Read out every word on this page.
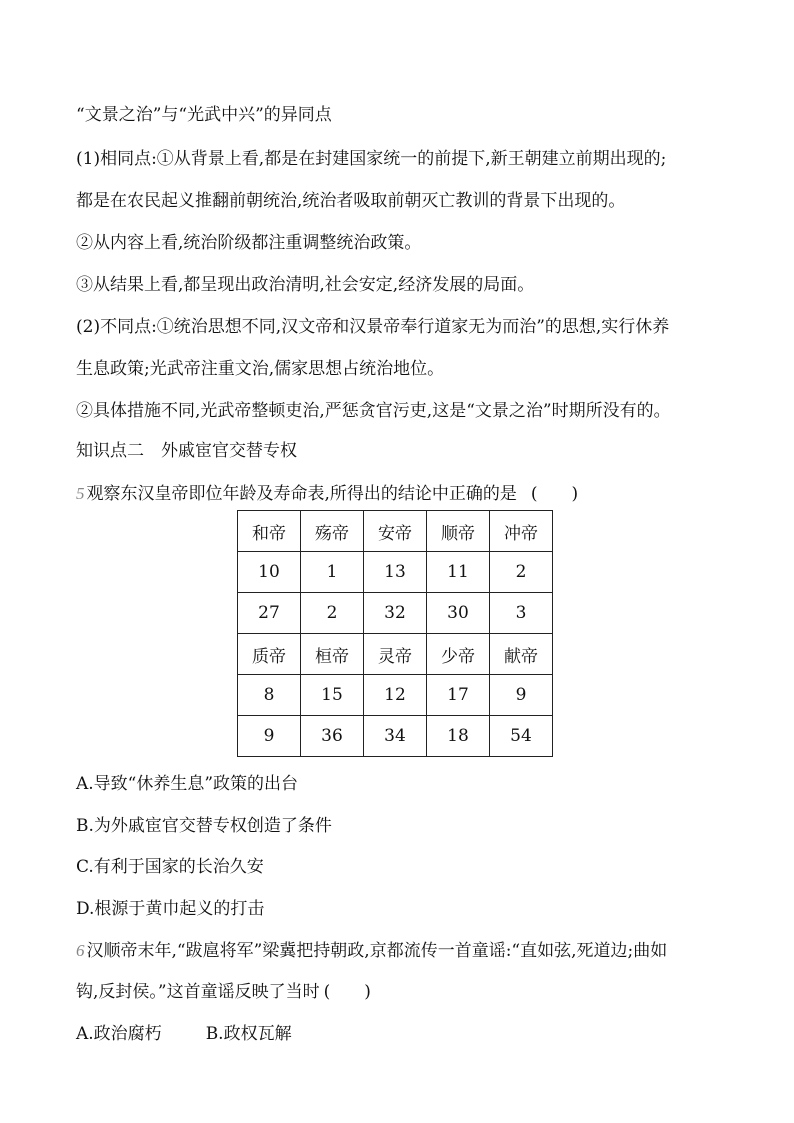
“文景之治”与“光武中兴”的异同点
(1)相同点:①从背景上看,都是在封建国家统一的前提下,新王朝建立前期出现的;
都是在农民起义推翻前朝统治,统治者吸取前朝灭亡教训的背景下出现的。
②从内容上看,统治阶级都注重调整统治政策。
③从结果上看,都呈现出政治清明,社会安定,经济发展的局面。
(2)不同点:①统治思想不同,汉文帝和汉景帝奉行道家无为而治”的思想,实行休养
生息政策;光武帝注重文治,儒家思想占统治地位。
②具体措施不同,光武帝整顿吏治,严惩贪官污吏,这是“文景之治”时期所没有的。
知识点二　外戚宦官交替专权
5 观察东汉皇帝即位年龄及寿命表,所得出的结论中正确的是 (　　)
和帝	殇帝	安帝	顺帝	冲帝
10	1	13	11	2
27	2	32	30	3
质帝	桓帝	灵帝	少帝	献帝
8	15	12	17	9
9	36	34	18	54
A.导致“休养生息”政策的出台
B.为外戚宦官交替专权创造了条件
C.有利于国家的长治久安
D.根源于黄巾起义的打击
6 汉顺帝末年,“跋扈将军”梁冀把持朝政,京都流传一首童谣:“直如弦,死道边;曲如
钩,反封侯。”这首童谣反映了当时 (　　)
A.政治腐朽	B.政权瓦解
